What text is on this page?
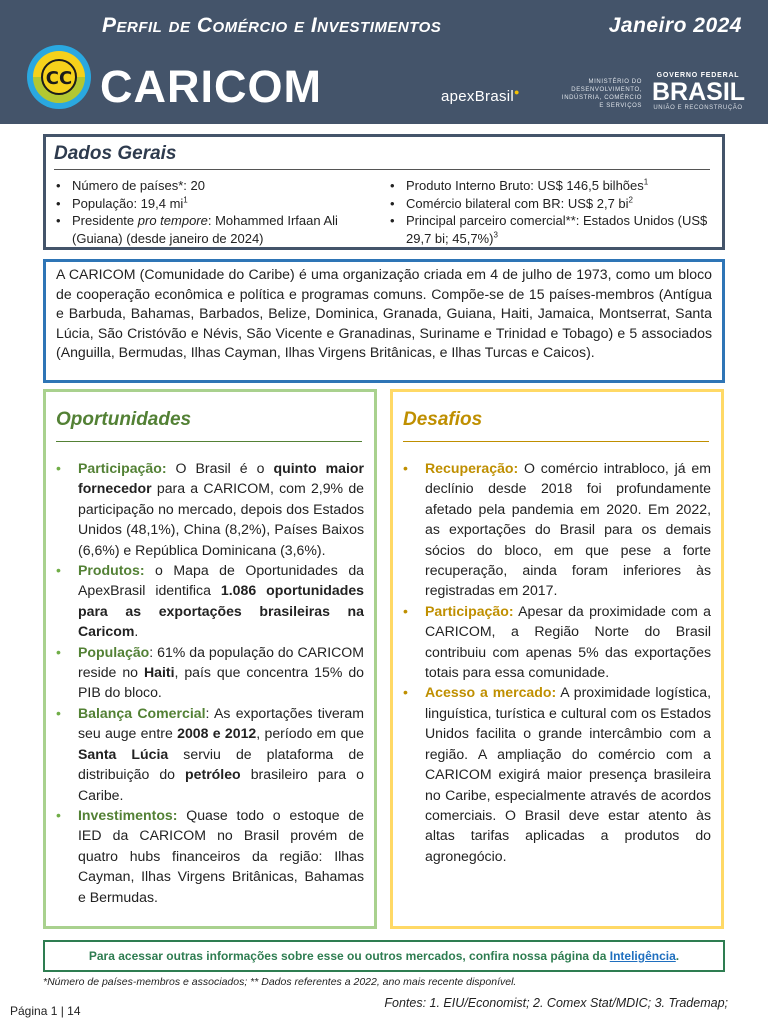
Perfil de Comércio e Investimentos	Janeiro 2024
CC CARICOM	apexBrasil●
MINISTÉRIO DO
DESENVOLVIMENTO,
INDÚSTRIA, COMÉRCIO
E SERVIÇOS
GOVERNO FEDERAL
BRASIL
UNIÃO E RECONSTRUÇÃO
Dados Gerais
• Número de países*: 20
• População: 19,4 $mi^1$
• Presidente pro tempore: Mohammed Irfaan Ali (Guiana) (desde janeiro de 2024)
• Produto Interno Bruto: US$ 146,5 bilhões$^1$
• Comércio bilateral com BR: US$ 2,7 $bi^2$
• Principal parceiro comercial**: Estados Unidos (US$ 29,7 bi; 45,7%)$^3$
A CARICOM (Comunidade do Caribe) é uma organização criada em 4 de julho de 1973, como um bloco de cooperação econômica e política e programas comuns. Compõe-se de 15 países-membros (Antígua e Barbuda, Bahamas, Barbados, Belize, Dominica, Granada, Guiana, Haiti, Jamaica, Montserrat, Santa Lúcia, São Cristóvão e Névis, São Vicente e Granadinas, Suriname e Trinidad e Tobago) e 5 associados (Anguilla, Bermudas, Ilhas Cayman, Ilhas Virgens Britânicas, e Ilhas Turcas e Caicos).
Oportunidades
• Participação: O Brasil é o quinto maior fornecedor para a CARICOM, com 2,9% de participação no mercado, depois dos Estados Unidos (48,1%), China (8,2%), Países Baixos (6,6%) e República Dominicana (3,6%).
• Produtos: o Mapa de Oportunidades da ApexBrasil identifica 1.086 oportunidades para as exportações brasileiras na Caricom.
• População: 61% da população do CARICOM reside no Haiti, país que concentra 15% do PIB do bloco.
• Balança Comercial: As exportações tiveram seu auge entre 2008 e 2012, período em que Santa Lúcia serviu de plataforma de distribuição do petróleo brasileiro para o Caribe.
• Investimentos: Quase todo o estoque de IED da CARICOM no Brasil provém de quatro hubs financeiros da região: Ilhas Cayman, Ilhas Virgens Britânicas, Bahamas e Bermudas.
Desafios
• Recuperação: O comércio intrabloco, já em declínio desde 2018 foi profundamente afetado pela pandemia em 2020. Em 2022, as exportações do Brasil para os demais sócios do bloco, em que pese a forte recuperação, ainda foram inferiores às registradas em 2017.
• Participação: Apesar da proximidade com a CARICOM, a Região Norte do Brasil contribuiu com apenas 5% das exportações totais para essa comunidade.
• Acesso a mercado: A proximidade logística, linguística, turística e cultural com os Estados Unidos facilita o grande intercâmbio com a região. A ampliação do comércio com a CARICOM exigirá maior presença brasileira no Caribe, especialmente através de acordos comerciais. O Brasil deve estar atento às altas tarifas aplicadas a produtos do agronegócio.
Para acessar outras informações sobre esse ou outros mercados, confira nossa página da Inteligência.
*Número de países-membros e associados; ** Dados referentes a 2022, ano mais recente disponível.
Fontes: 1. EIU/Economist; 2. Comex Stat/MDIC; 3. Trademap;
Página 1 | 14
